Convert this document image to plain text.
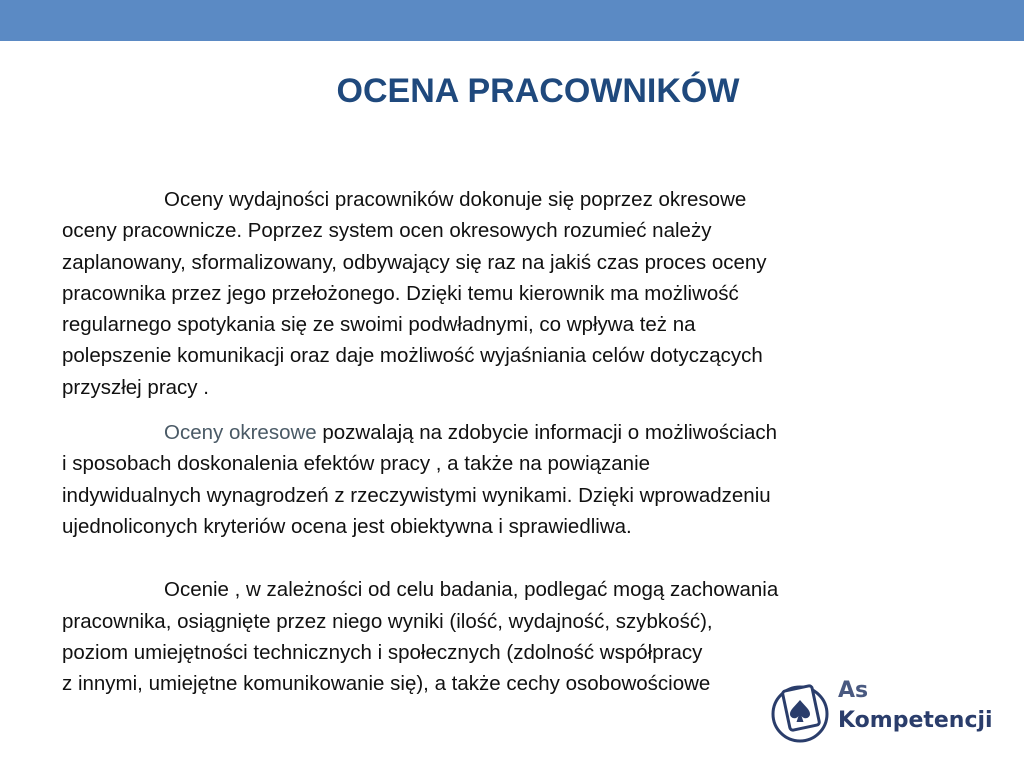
OCENA PRACOWNIKÓW

Oceny wydajności pracowników dokonuje się poprzez okresowe
oceny pracownicze. Poprzez system ocen okresowych rozumieć należy
zaplanowany, sformalizowany, odbywający się raz na jakiś czas proces oceny
pracownika przez jego przełożonego. Dzięki temu kierownik ma możliwość
regularnego spotykania się ze swoimi podwładnymi, co wpływa też na
polepszenie komunikacji oraz daje możliwość wyjaśniania celów dotyczących
przyszłej pracy .

Oceny okresowe pozwalają na zdobycie informacji o możliwościach
i sposobach doskonalenia efektów pracy , a także na powiązanie
indywidualnych wynagrodzeń z rzeczywistymi wynikami. Dzięki wprowadzeniu
ujednoliconych kryteriów ocena jest obiektywna i sprawiedliwa.

Ocenie , w zależności od celu badania, podlegać mogą zachowania
pracownika, osiągnięte przez niego wyniki (ilość, wydajność, szybkość),
poziom umiejętności technicznych i społecznych (zdolność współpracy
z innymi, umiejętne komunikowanie się), a także cechy osobowościowe	As
Kompetencji
